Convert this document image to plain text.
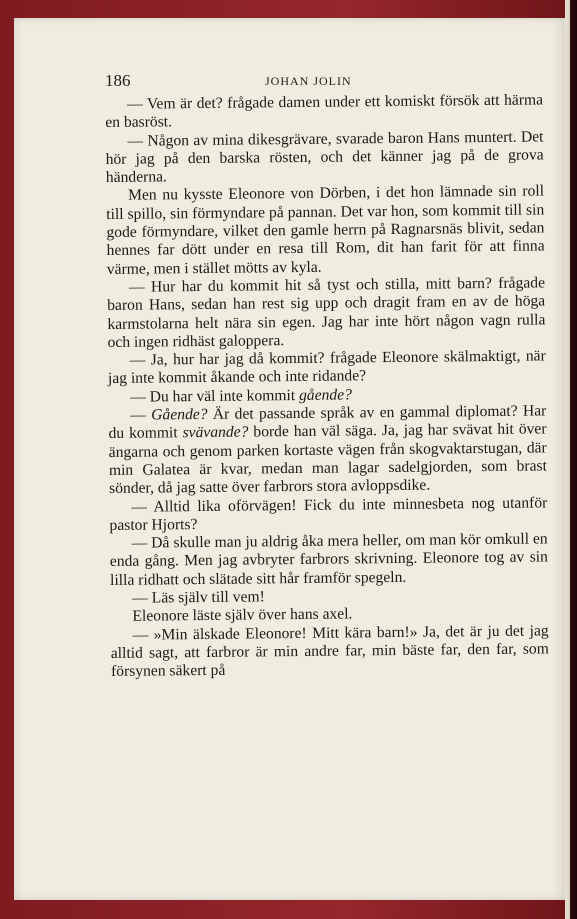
186	JOHAN JOLIN

— Vem är det? frågade damen under ett komiskt försök att härma en basröst.

— Någon av mina dikesgrävare, svarade baron Hans muntert. Det hör jag på den barska rösten, och det känner jag på de grova händerna.

Men nu kysste Eleonore von Dörben, i det hon lämnade sin roll till spillo, sin förmyndare på pannan. Det var hon, som kommit till sin gode förmyndare, vilket den gamle herrn på Ragnarsnäs blivit, sedan hennes far dött under en resa till Rom, dit han farit för att finna värme, men i stället mötts av kyla.

— Hur har du kommit hit så tyst och stilla, mitt barn? frågade baron Hans, sedan han rest sig upp och dragit fram en av de höga karmstolarna helt nära sin egen. Jag har inte hört någon vagn rulla och ingen ridhäst galoppera.

— Ja, hur har jag då kommit? frågade Eleonore skälmaktigt, när jag inte kommit åkande och inte ridande?

— Du har väl inte kommit gående?

— Gående? Är det passande språk av en gammal diplomat? Har du kommit svävande? borde han väl säga. Ja, jag har svävat hit över ängarna och genom parken kortaste vägen från skogvaktarstugan, där min Galatea är kvar, medan man lagar sadelgjorden, som brast sönder, då jag satte över farbrors stora avloppsdike.

— Alltid lika oförvägen! Fick du inte minnesbeta nog utanför pastor Hjorts?

— Då skulle man ju aldrig åka mera heller, om man kör omkull en enda gång. Men jag avbryter farbrors skrivning. Eleonore tog av sin lilla ridhatt och slätade sitt hår framför spegeln.

— Läs själv till vem!

Eleonore läste själv över hans axel.

— »Min älskade Eleonore! Mitt kära barn!» Ja, det är ju det jag alltid sagt, att farbror är min andre far, min bäste far, den far, som försynen säkert på
